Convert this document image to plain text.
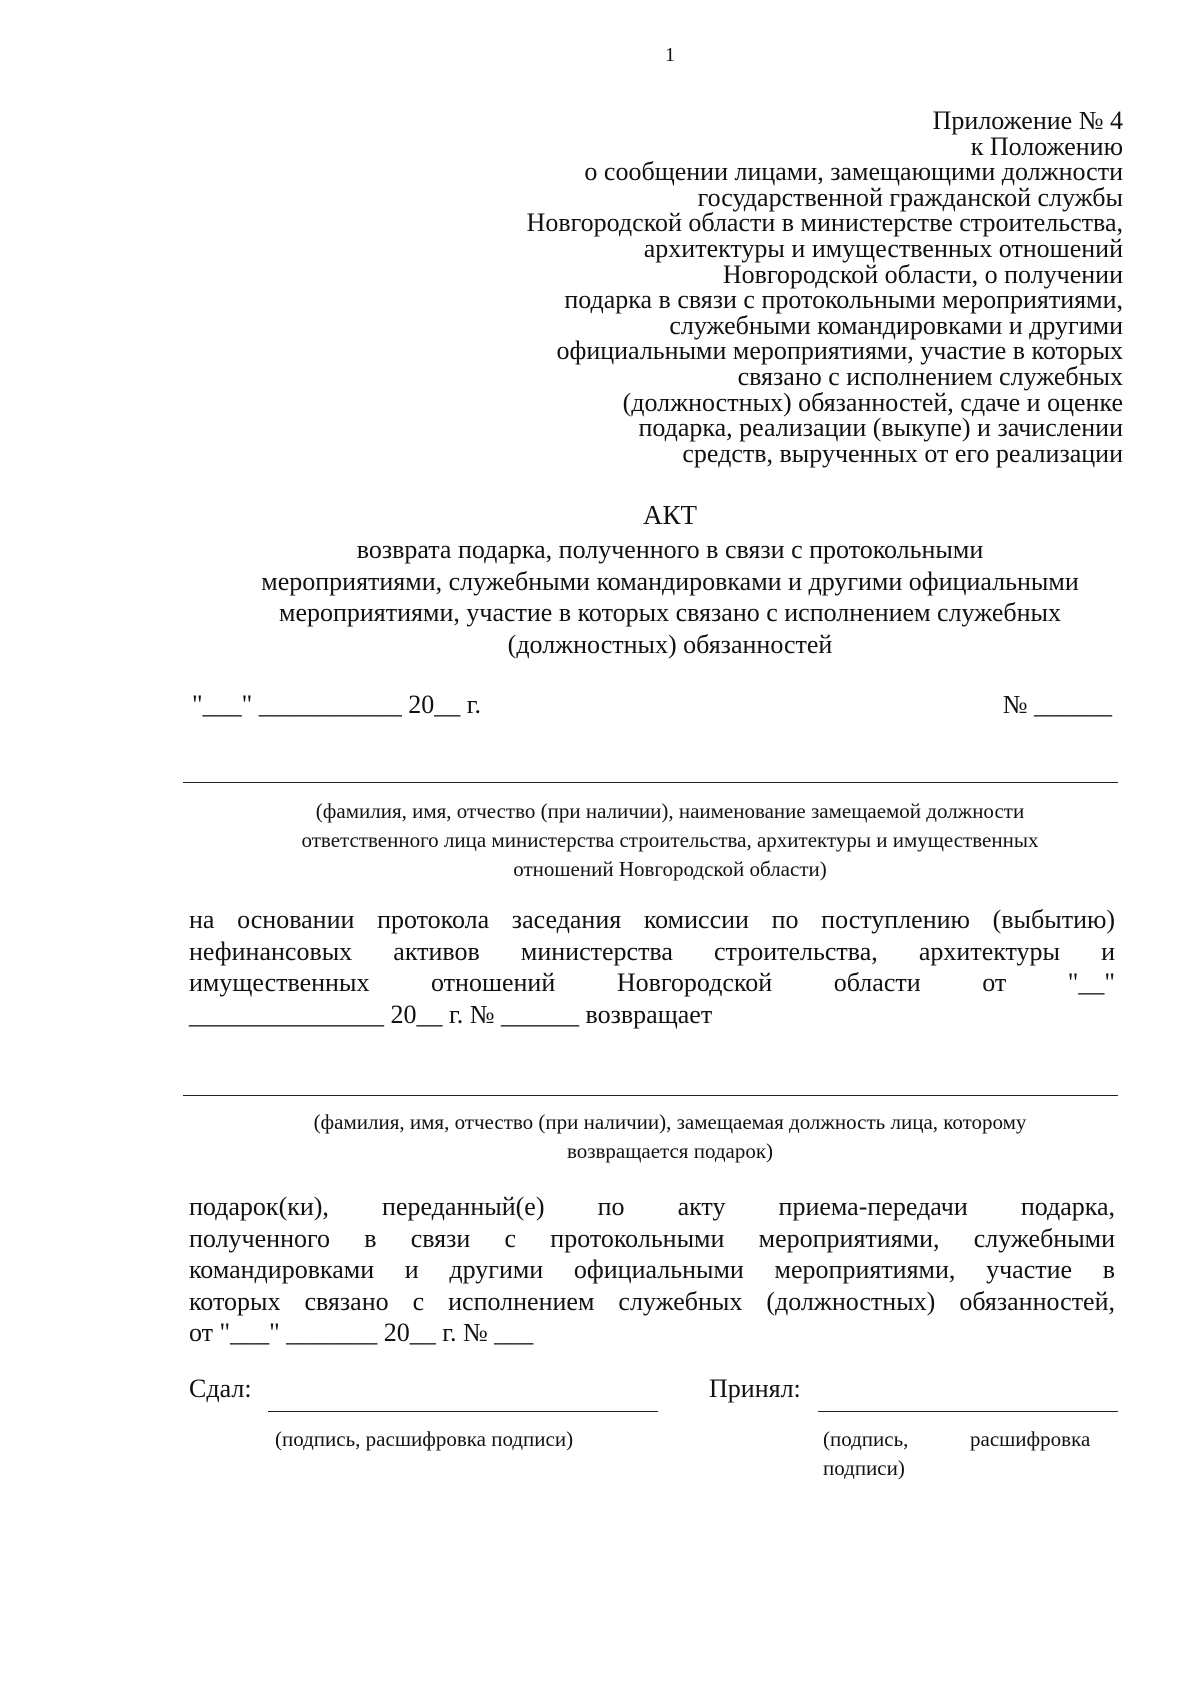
1
Приложение № 4
к Положению
о сообщении лицами, замещающими должности
государственной гражданской службы
Новгородской области в министерстве строительства,
архитектуры и имущественных отношений
Новгородской области, о получении
подарка в связи с протокольными мероприятиями,
служебными командировками и другими
официальными мероприятиями, участие в которых
связано с исполнением служебных
(должностных) обязанностей, сдаче и оценке
подарка, реализации (выкупе) и зачислении
средств, вырученных от его реализации
АКТ
возврата подарка, полученного в связи с протокольными
мероприятиями, служебными командировками и другими официальными
мероприятиями, участие в которых связано с исполнением служебных
(должностных) обязанностей
"___" ___________ 20__ г.	№ ______
(фамилия, имя, отчество (при наличии), наименование замещаемой должности
ответственного лица министерства строительства, архитектуры и имущественных
отношений Новгородской области)
на основании протокола заседания комиссии по поступлению (выбытию)
нефинансовых активов министерства строительства, архитектуры и
имущественных отношений Новгородской области от "__"
_______________ 20__ г. № ______ возвращает
(фамилия, имя, отчество (при наличии), замещаемая должность лица, которому
возвращается подарок)
подарок(ки), переданный(е) по акту приема-передачи подарка,
полученного в связи с протокольными мероприятиями, служебными
командировками и другими официальными мероприятиями, участие в
которых связано с исполнением служебных (должностных) обязанностей,
от "___" _______ 20__ г. № ___
Сдал:
(подпись, расшифровка подписи)
Принял:
(подпись,	расшифровка
подписи)
